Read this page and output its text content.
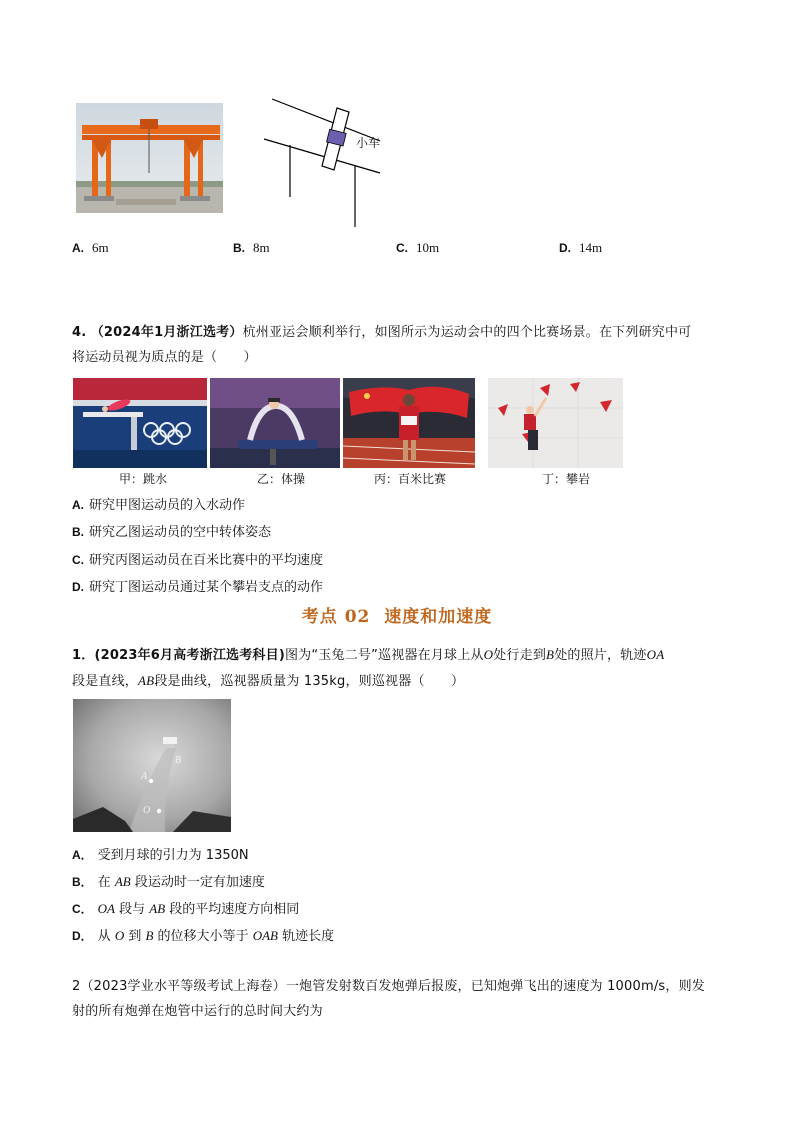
小车
A. 6m	B. 8m	C. 10m	D. 14m
4. （2024年1月浙江选考）杭州亚运会顺利举行，如图所示为运动会中的四个比赛场景。在下列研究中可
将运动员视为质点的是（　　）
甲：跳水	乙：体操	丙：百米比赛	丁：攀岩
A. 研究甲图运动员的入水动作
B. 研究乙图运动员的空中转体姿态
C. 研究丙图运动员在百米比赛中的平均速度
D. 研究丁图运动员通过某个攀岩支点的动作
考点 02  速度和加速度
1．(2023年6月高考浙江选考科目)图为“玉兔二号”巡视器在月球上从O处行走到B处的照片，轨迹OA
段是直线，AB段是曲线，巡视器质量为 135kg，则巡视器（　　）
B
A
O
A． 受到月球的引力为 1350N
B． 在 AB 段运动时一定有加速度
C． OA 段与 AB 段的平均速度方向相同
D． 从 O 到 B 的位移大小等于 OAB 轨迹长度
2（2023学业水平等级考试上海卷）一炮管发射数百发炮弹后报废，已知炮弹飞出的速度为 1000m/s，则发
射的所有炮弹在炮管中运行的总时间大约为
